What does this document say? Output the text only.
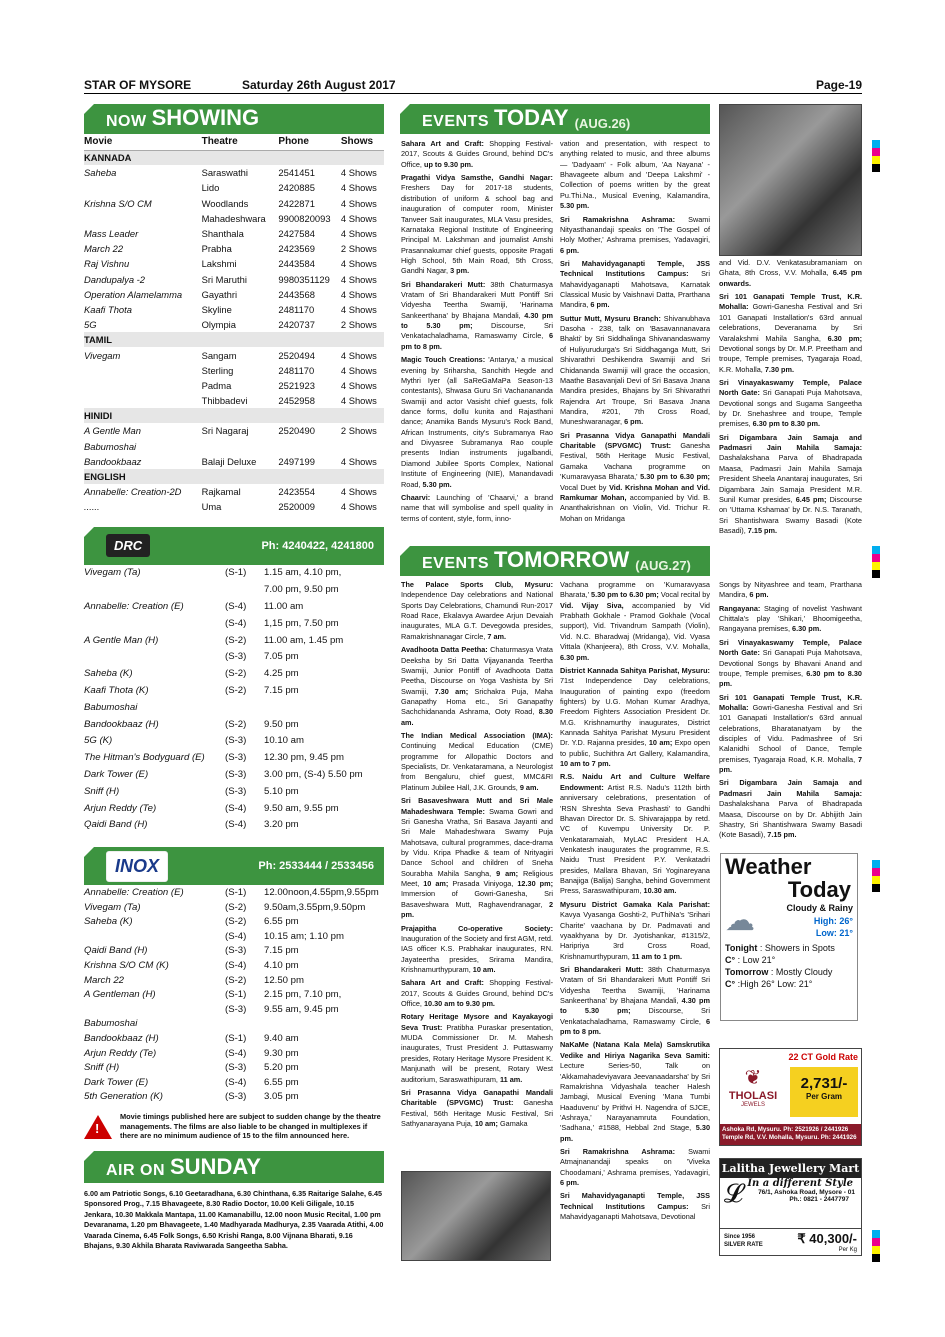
STAR OF MYSORE	Saturday 26th August 2017	Page-19
NOW SHOWING
Movie	Theatre	Phone	Shows
KANNADA			
Saheba	Saraswathi	2541451	4 Shows
	Lido	2420885	4 Shows
Krishna S/O CM	Woodlands	2422871	4 Shows
	Mahadeshwara	9900820093	4 Shows
Mass Leader	Shanthala	2427584	4 Shows
March 22	Prabha	2423569	2 Shows
Raj Vishnu	Lakshmi	2443584	4 Shows
Dandupalya -2	Sri Maruthi	9980351129	4 Shows
Operation Alamelamma	Gayathri	2443568	4 Shows
Kaafi Thota	Skyline	2481170	4 Shows
5G	Olympia	2420737	2 Shows
TAMIL			
Vivegam	Sangam	2520494	4 Shows
	Sterling	2481170	4 Shows
	Padma	2521923	4 Shows
	Thibbadevi	2452958	4 Shows
HINIDI			
A Gentle Man	Sri Nagaraj	2520490	2 Shows
Babumoshai			
Bandookbaaz	Balaji Deluxe	2497199	4 Shows
ENGLISH			
Annabelle: Creation-2D	Rajkamal	2423554	4 Shows
......	Uma	2520009	4 Shows
DRC	Ph: 4240422, 4241800
Vivegam (Ta)	(S-1)	1.15 am, 4.10 pm,
		7.00 pm, 9.50 pm
Annabelle: Creation (E)	(S-4)	11.00 am
	(S-4)	1,15 pm, 7.50 pm
A Gentle Man (H)	(S-2)	11.00 am, 1.45 pm
	(S-3)	7.05 pm
Saheba (K)	(S-2)	4.25 pm
Kaafi Thota (K)	(S-2)	7.15 pm
Babumoshai		
Bandookbaaz (H)	(S-2)	9.50 pm
5G (K)	(S-3)	10.10 am
The Hitman's Bodyguard (E)	(S-3)	12.30 pm, 9.45 pm
Dark Tower (E)	(S-3)	3.00 pm, (S-4) 5.50 pm
Sniff (H)	(S-3)	5.10 pm
Arjun Reddy (Te)	(S-4)	9.50 am, 9.55 pm
Qaidi Band (H)	(S-4)	3.20 pm
INOX	Ph: 2533444 / 2533456
Annabelle: Creation (E)	(S-1)	12.00noon,4.55pm,9.55pm
Vivegam (Ta)	(S-2)	9.50am,3.55pm,9.50pm
Saheba (K)	(S-2)	6.55 pm
	(S-4)	10.15 am; 1.10 pm
Qaidi Band (H)	(S-3)	7.15 pm
Krishna S/O CM (K)	(S-4)	4.10 pm
March 22	(S-2)	12.50 pm
A Gentleman (H)	(S-1)	2.15 pm, 7.10 pm,
	(S-3)	9.55 am, 9.45 pm
Babumoshai		
Bandookbaaz (H)	(S-1)	9.40 am
Arjun Reddy (Te)	(S-4)	9.30 pm
Sniff (H)	(S-3)	5.20 pm
Dark Tower (E)	(S-4)	6.55 pm
5th Generation (K)	(S-3)	3.05 pm
!

Movie timings published here are subject to sudden change by the theatre managements. The films are also liable to be changed in multiplexes if there are no minimum audience of 15 to the film announced here.

AIR ON SUNDAY

6.00 am Patriotic Songs, 6.10 Geetaradhana, 6.30 Chinthana, 6.35 Raitarige Salahe, 6.45 Sponsored Prog., 7.15 Bhavageete, 8.30 Radio Doctor, 10.00 Keli Giligale, 10.15 Jenkara, 10.30 Makkala Mantapa, 11.00 Kamanabillu, 12.00 noon Music Recital, 1.00 pm Devaranama, 1.20 pm Bhavageete, 1.40 Madhyarada Madhurya, 2.35 Vaarada Atithi, 4.00 Vaarada Cinema, 6.45 Folk Songs, 6.50 Krishi Ranga, 8.00 Vijnana Bharati, 9.16 Bhajans, 9.30 Akhila Bharata Raviwarada Sangeetha Sabha.

EVENTS TODAY (AUG.26)

Sahara Art and Craft: Shopping Festival-2017, Scouts & Guides Ground, behind DC's Office, up to 9.30 pm.

Pragathi Vidya Samsthe, Gandhi Nagar: Freshers Day for 2017-18 students, distribution of uniform & school bag and inauguration of computer room, Minister Tanveer Sait inaugurates, MLA Vasu presides, Karnataka Regional Institute of Engineering Principal M. Lakshman and journalist Amshi Prasannakumar chief guests, opposite Pragati High School, 5th Main Road, 5th Cross, Gandhi Nagar, 3 pm.

Sri Bhandarakeri Mutt: 38th Chaturmasya Vratam of Sri Bhandarakeri Mutt Pontiff Sri Vidyesha Teertha Swamiji, 'Harinama Sankeerthana' by Bhajana Mandali, 4.30 pm to 5.30 pm; Discourse, Sri Venkatachaladhama, Ramaswamy Circle, 6 pm to 8 pm.

Magic Touch Creations: 'Antarya,' a musical evening by Sriharsha, Sanchith Hegde and Mythri Iyer (all SaReGaMaPa Season-13 contestants), Shwasa Guru Sri Vachanananda Swamiji and actor Vasisht chief guests, folk dance forms, dollu kunita and Rajasthani dance; Anamika Bands Mysuru's Rock Band, African Instruments, city's Subramanya Rao and Divyasree Subramanya Rao couple presents Indian instruments jugalbandi, Diamond Jubilee Sports Complex, National Institute of Engineering (NIE), Manandavadi Road, 5.30 pm.

Chaarvi: Launching of 'Chaarvi,' a brand name that will symbolise and spell quality in terms of content, style, form, inno-

vation and presentation, with respect to anything related to music, and three albums — 'Dadyaam' - Folk album, 'Aa Nayana' - Bhavageete album and 'Deepa Lakshmi' - Collection of poems written by the great Pu.Thi.Na., Musical Evening, Kalamandira, 5.30 pm.

Sri Ramakrishna Ashrama: Swami Nityasthanandaji speaks on 'The Gospel of Holy Mother,' Ashrama premises, Yadavagiri, 6 pm.

Sri Mahavidyaganapti Temple, JSS Technical Institutions Campus: Sri Mahavidyaganapti Mahotsava, Karnatak Classical Music by Vaishnavi Datta, Prarthana Mandira, 6 pm.

Suttur Mutt, Mysuru Branch: Shivanubhava Dasoha - 238, talk on 'Basavannanavara Bhakti' by Sri Siddhalinga Shivanandaswamy of Huliyurudurga's Sri Siddhaganga Mutt, Sri Shivarathri Deshikendra Swamiji and Sri Chidananda Swamiji will grace the occasion, Maathe Basavanjali Devi of Sri Basava Jnana Mandira presides, Bhajans by Sri Shivarathri Rajendra Art Troupe, Sri Basava Jnana Mandira, #201, 7th Cross Road, Muneshwaranagar, 6 pm.

Sri Prasanna Vidya Ganapathi Mandali Charitable (SPVGMC) Trust: Ganesha Festival, 56th Heritage Music Festival, Gamaka Vachana programme on 'Kumaravyasa Bharata,' 5.30 pm to 6.30 pm; Vocal Duet by Vid. Krishna Mohan and Vid. Ramkumar Mohan, accompanied by Vid. B. Ananthakrishnan on Violin, Vid. Trichur R. Mohan on Mridanga

and Vid. D.V. Venkatasubramaniam on Ghata, 8th Cross, V.V. Mohalla, 6.45 pm onwards.

Sri 101 Ganapati Temple Trust, K.R. Mohalla: Gowri-Ganesha Festival and Sri 101 Ganapati Installation's 63rd annual celebrations, Deveranama by Sri Varalakshmi Mahila Sangha, 6.30 pm; Devotional songs by Dr. M.P. Preetham and troupe, Temple premises, Tyagaraja Road, K.R. Mohalla, 7.30 pm.

Sri Vinayakaswamy Temple, Palace North Gate: Sri Ganapati Puja Mahotsava, Devotional songs and Sugama Sangeetha by Dr. Snehashree and troupe, Temple premises, 6.30 pm to 8.30 pm.

Sri Digambara Jain Samaja and Padmasri Jain Mahila Samaja: Dashalakshana Parva of Bhadrapada Maasa, Padmasri Jain Mahila Samaja President Sheela Anantaraj inaugurates, Sri Digambara Jain Samaja President M.R. Sunil Kumar presides, 6.45 pm; Discourse on 'Uttama Kshamaa' by Dr. N.S. Taranath, Sri Shantishwara Swamy Basadi (Kote Basadi), 7.15 pm.

EVENTS TOMORROW (AUG.27)

The Palace Sports Club, Mysuru: Independence Day celebrations and National Sports Day Celebrations, Chamundi Run-2017 Road Race, Ekalavya Awardee Arjun Devaiah inaugurates, MLA G.T. Devegowda presides, Ramakrishnanagar Circle, 7 am.

Avadhoota Datta Peetha: Chaturmasya Vrata Deeksha by Sri Datta Vijayananda Teertha Swamiji, Junior Pontiff of Avadhoota Datta Peetha, Discourse on Yoga Vashista by Sri Swamiji, 7.30 am; Srichakra Puja, Maha Ganapathy Homa etc., Sri Ganapathy Sachchidananda Ashrama, Ooty Road, 8.30 am.

The Indian Medical Association (IMA): Continuing Medical Education (CME) programme for Allopathic Doctors and Specialists, Dr. Venkataramana, a Neurologist from Bengaluru, chief guest, MMC&RI Platinum Jubilee Hall, J.K. Grounds, 9 am.

Sri Basaveshwara Mutt and Sri Male Mahadeshwara Temple: Swama Gowri and Sri Ganesha Vratha, Sri Basava Jayanti and Sri Male Mahadeshwara Swamy Puja Mahotsava, cultural programmes, dace-drama by Vidu. Kripa Phadke & team of Nrityagiri Dance School and children of Sneha Sourabha Mahila Sangha, 9 am; Religious Meet, 10 am; Prasada Viniyoga, 12.30 pm; Immersion of Gowri-Ganesha, Sri Basaveshwara Mutt, Raghavendranagar, 2 pm.

Prajapitha Co-operative Society: Inauguration of the Society and first AGM, retd. IAS officer K.S. Prabhakar inaugurates, RN. Jayateertha presides, Srirama Mandira, Krishnamurthypuram, 10 am.

Sahara Art and Craft: Shopping Festival-2017, Scouts & Guides Ground, behind DC's Office, 10.30 am to 9.30 pm.

Rotary Heritage Mysore and Kayakayogi Seva Trust: Pratibha Puraskar presentation, MUDA Commissioner Dr. M. Mahesh inaugurates, Trust President J. Puttaswamy presides, Rotary Heritage Mysore President K. Manjunath will be present, Rotary West auditorium, Saraswathipuram, 11 am.

Sri Prasanna Vidya Ganapathi Mandali Charitable (SPVGMC) Trust: Ganesha Festival, 56th Heritage Music Festival, Sri Sathyanarayana Puja, 10 am; Gamaka

Vachana programme on 'Kumaravyasa Bharata,' 5.30 pm to 6.30 pm; Vocal recital by Vid. Vijay Siva, accompanied by Vid Prabhath Gokhale - Pramod Gokhale (Vocal support), Vid. Trivandrum Sampath (Violin), Vid. N.C. Bharadwaj (Mridanga), Vid. Vyasa Vittala (Khanjeera), 8th Cross, V.V. Mohalla, 6.30 pm.

District Kannada Sahitya Parishat, Mysuru: 71st Independence Day celebrations, Inauguration of painting expo (freedom fighters) by U.G. Mohan Kumar Aradhya, Freedom Fighters Association President Dr. M.G. Krishnamurthy inaugurates, District Kannada Sahitya Parishat Mysuru President Dr. Y.D. Rajanna presides, 10 am; Expo open to public, Suchithra Art Gallery, Kalamandira, 10 am to 7 pm.

R.S. Naidu Art and Culture Welfare Endowment: Artist R.S. Nadu's 112th birth anniversary celebrations, presentation of 'RSN Shreshta Seva Prashasti' to Gandhi Bhavan Director Dr. S. Shivarajappa by retd. VC of Kuvempu University Dr. P. Venkataramaiah, MyLAC President H.A. Venkatesh inaugurates the programme, R.S. Naidu Trust President P.Y. Venkatadri presides, Mallara Bhavan, Sri Yoginareyana Banajiga (Balija) Sangha, behind Government Press, Saraswathipuram, 10.30 am.

Mysuru District Gamaka Kala Parishat: Kavya Vyasanga Goshti-2, PuThiNa's 'Srihari Charite' vaachana by Dr. Padmavati and vyaakhyana by Dr. Jyotishankar, #1315/2, Haripriya 3rd Cross Road, Krishnamurthypuram, 11 am to 1 pm.

Sri Bhandarakeri Mutt: 38th Chaturmasya Vratam of Sri Bhandarakeri Mutt Pontiff Sri Vidyesha Teertha Swamiji, 'Harinama Sankeerthana' by Bhajana Mandali, 4.30 pm to 5.30 pm; Discourse, Sri Venkatachaladhama, Ramaswamy Circle, 6 pm to 8 pm.

NaKaMe (Natana Kala Mela) Samskrutika Vedike and Hiriya Nagarika Seva Samiti: Lecture Series-50, Talk on 'Akkamahadeviyavara Jeevanaadarsha' by Sri Ramakrishna Vidyashala teacher Halesh Jambagi, Musical Evening 'Mana Tumbi Haaduvenu' by Prithvi H. Nagendra of SJCE, 'Ashraya,' Narayanamruta Foundation, 'Sadhana,' #1588, Hebbal 2nd Stage, 5.30 pm.

Sri Ramakrishna Ashrama: Swami Atmajnanandaji speaks on 'Viveka Choodamani,' Ashrama premises, Yadavagiri, 6 pm.

Sri Mahavidyaganapti Temple, JSS Technical Institutions Campus: Sri Mahavidyaganapti Mahotsava, Devotional

Songs by Nityashree and team, Prarthana Mandira, 6 pm.

Rangayana: Staging of novelist Yashwant Chittala's play 'Shikari,' Bhoomigeetha, Rangayana premises, 6.30 pm.

Sri Vinayakaswamy Temple, Palace North Gate: Sri Ganapati Puja Mahotsava, Devotional Songs by Bhavani Anand and troupe, Temple premises, 6.30 pm to 8.30 pm.

Sri 101 Ganapati Temple Trust, K.R. Mohalla: Gowri-Ganesha Festival and Sri 101 Ganapati Installation's 63rd annual celebrations, Bharatanatyam by the disciples of Vidu. Padmashree of Sri Kalanidhi School of Dance, Temple premises, Tyagaraja Road, K.R. Mohalla, 7 pm.

Sri Digambara Jain Samaja and Padmasri Jain Mahila Samaja: Dashalakshana Parva of Bhadrapada Maasa, Discourse on by Dr. Abhijith Jain Shastry, Sri Shantishwara Swamy Basadi (Kote Basadi), 7.15 pm.

Weather
Today
☁	Cloudy & Rainy
High: 26°
Low: 21°
Tonight : Showers in Spots
C° : Low 21°
Tomorrow : Mostly Cloudy
C° :High 26° Low: 21°
22 CT Gold Rate
❦
THOLASI
JEWELS
2,731/-
Per Gram
Ashoka Rd, Mysuru. Ph: 2521926 / 2441926
Temple Rd, V.V. Mohalla, Mysuru. Ph: 2441926
Lalitha Jewellery Mart
In a different Style
76/1, Ashoka Road, Mysore - 01
Ph.: 0821 - 2447797
𝓛
Since 1956
SILVER RATE	₹ 40,300/-
Per Kg
